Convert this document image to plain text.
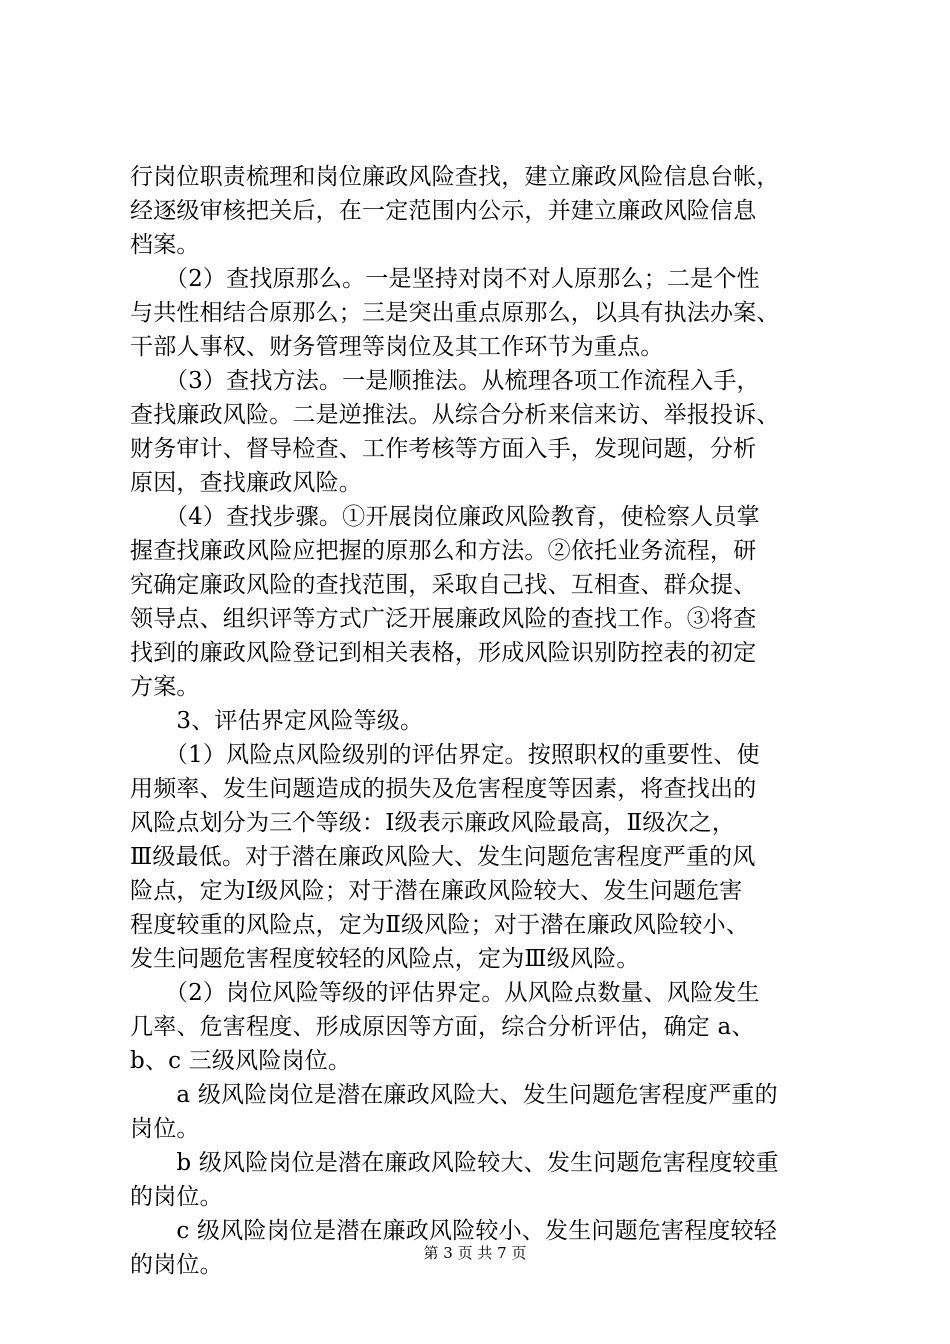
行岗位职责梳理和岗位廉政风险查找，建立廉政风险信息台帐，
经逐级审核把关后，在一定范围内公示，并建立廉政风险信息
档案。
　　（2）查找原那么。一是坚持对岗不对人原那么；二是个性
与共性相结合原那么；三是突出重点原那么，以具有执法办案、
干部人事权、财务管理等岗位及其工作环节为重点。
　　（3）查找方法。一是顺推法。从梳理各项工作流程入手，
查找廉政风险。二是逆推法。从综合分析来信来访、举报投诉、
财务审计、督导检查、工作考核等方面入手，发现问题，分析
原因，查找廉政风险。
　　（4）查找步骤。①开展岗位廉政风险教育，使检察人员掌
握查找廉政风险应把握的原那么和方法。②依托业务流程，研
究确定廉政风险的查找范围，采取自己找、互相查、群众提、
领导点、组织评等方式广泛开展廉政风险的查找工作。③将查
找到的廉政风险登记到相关表格，形成风险识别防控表的初定
方案。
　　3、评估界定风险等级。
　　（1）风险点风险级别的评估界定。按照职权的重要性、使
用频率、发生问题造成的损失及危害程度等因素，将查找出的
风险点划分为三个等级：Ⅰ级表示廉政风险最高，Ⅱ级次之，
Ⅲ级最低。对于潜在廉政风险大、发生问题危害程度严重的风
险点，定为Ⅰ级风险；对于潜在廉政风险较大、发生问题危害
程度较重的风险点，定为Ⅱ级风险；对于潜在廉政风险较小、
发生问题危害程度较轻的风险点，定为Ⅲ级风险。
　　（2）岗位风险等级的评估界定。从风险点数量、风险发生
几率、危害程度、形成原因等方面，综合分析评估，确定 a、
b、c 三级风险岗位。
　　a 级风险岗位是潜在廉政风险大、发生问题危害程度严重的
岗位。
　　b 级风险岗位是潜在廉政风险较大、发生问题危害程度较重
的岗位。
　　c 级风险岗位是潜在廉政风险较小、发生问题危害程度较轻
的岗位。	第 3 页 共 7 页
